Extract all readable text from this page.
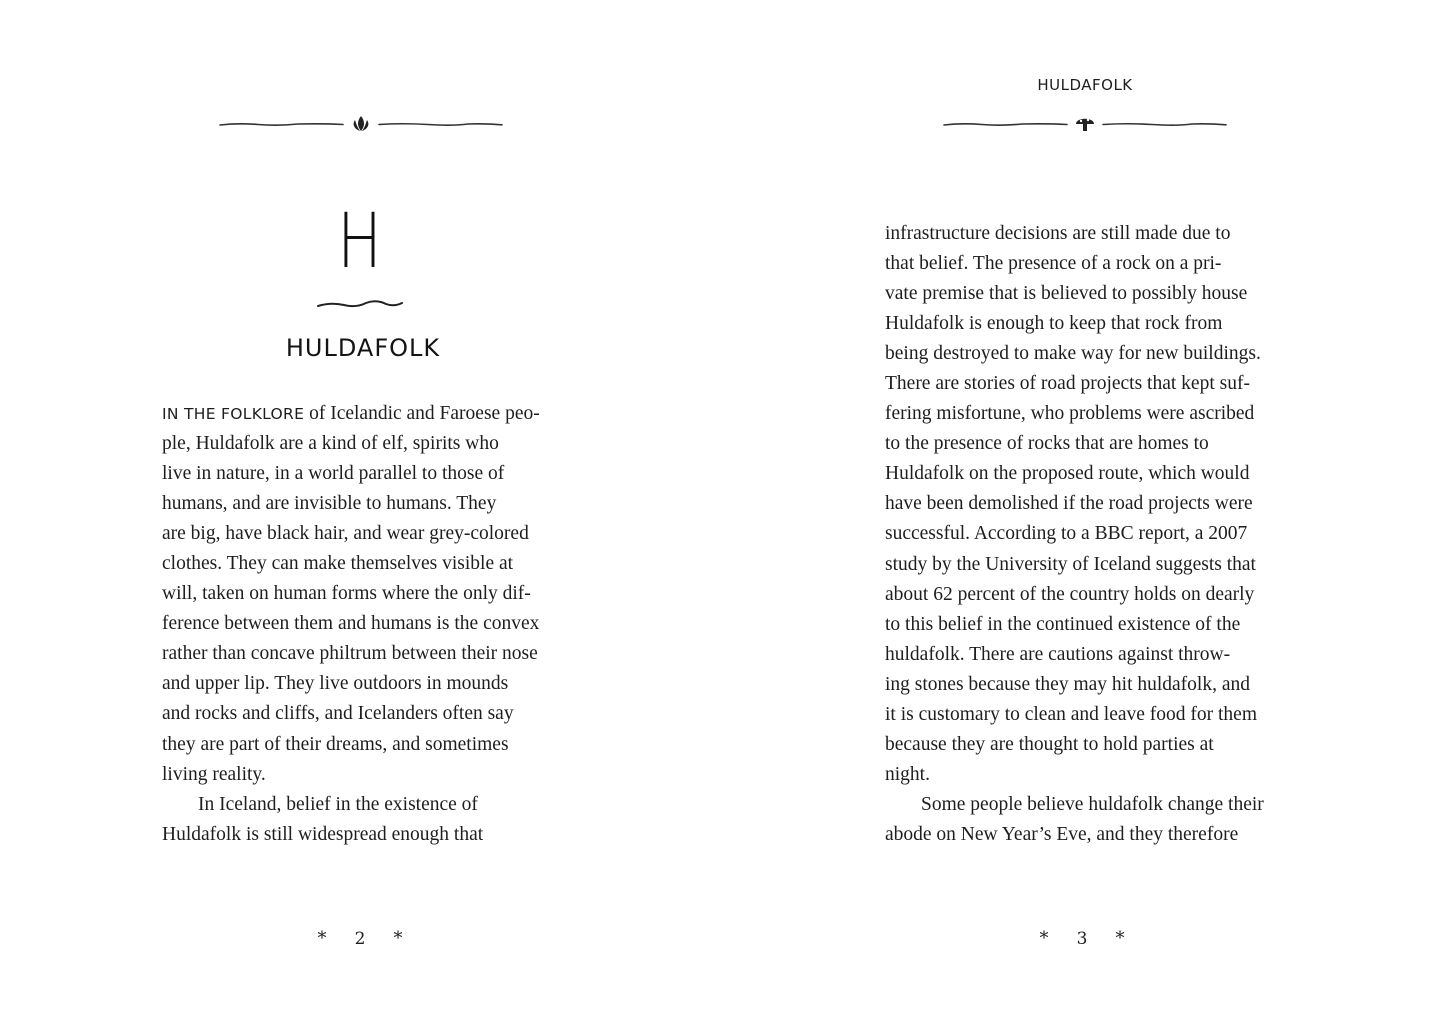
H
HULDAFOLK
IN THE FOLKLORE of Icelandic and Faroese peo-
ple, Huldafolk are a kind of elf, spirits who
live in nature, in a world parallel to those of
humans, and are invisible to humans. They
are big, have black hair, and wear grey-colored
clothes. They can make themselves visible at
will, taken on human forms where the only dif-
ference between them and humans is the convex
rather than concave philtrum between their nose
and upper lip. They live outdoors in mounds
and rocks and cliffs, and Icelanders often say
they are part of their dreams, and sometimes
living reality.
In Iceland, belief in the existence of
Huldafolk is still widespread enough that
* 2 *
HULDAFOLK
infrastructure decisions are still made due to
that belief. The presence of a rock on a pri-
vate premise that is believed to possibly house
Huldafolk is enough to keep that rock from
being destroyed to make way for new buildings.
There are stories of road projects that kept suf-
fering misfortune, who problems were ascribed
to the presence of rocks that are homes to
Huldafolk on the proposed route, which would
have been demolished if the road projects were
successful. According to a BBC report, a 2007
study by the University of Iceland suggests that
about 62 percent of the country holds on dearly
to this belief in the continued existence of the
huldafolk. There are cautions against throw-
ing stones because they may hit huldafolk, and
it is customary to clean and leave food for them
because they are thought to hold parties at
night.
Some people believe huldafolk change their
abode on New Year’s Eve, and they therefore
* 3 *
